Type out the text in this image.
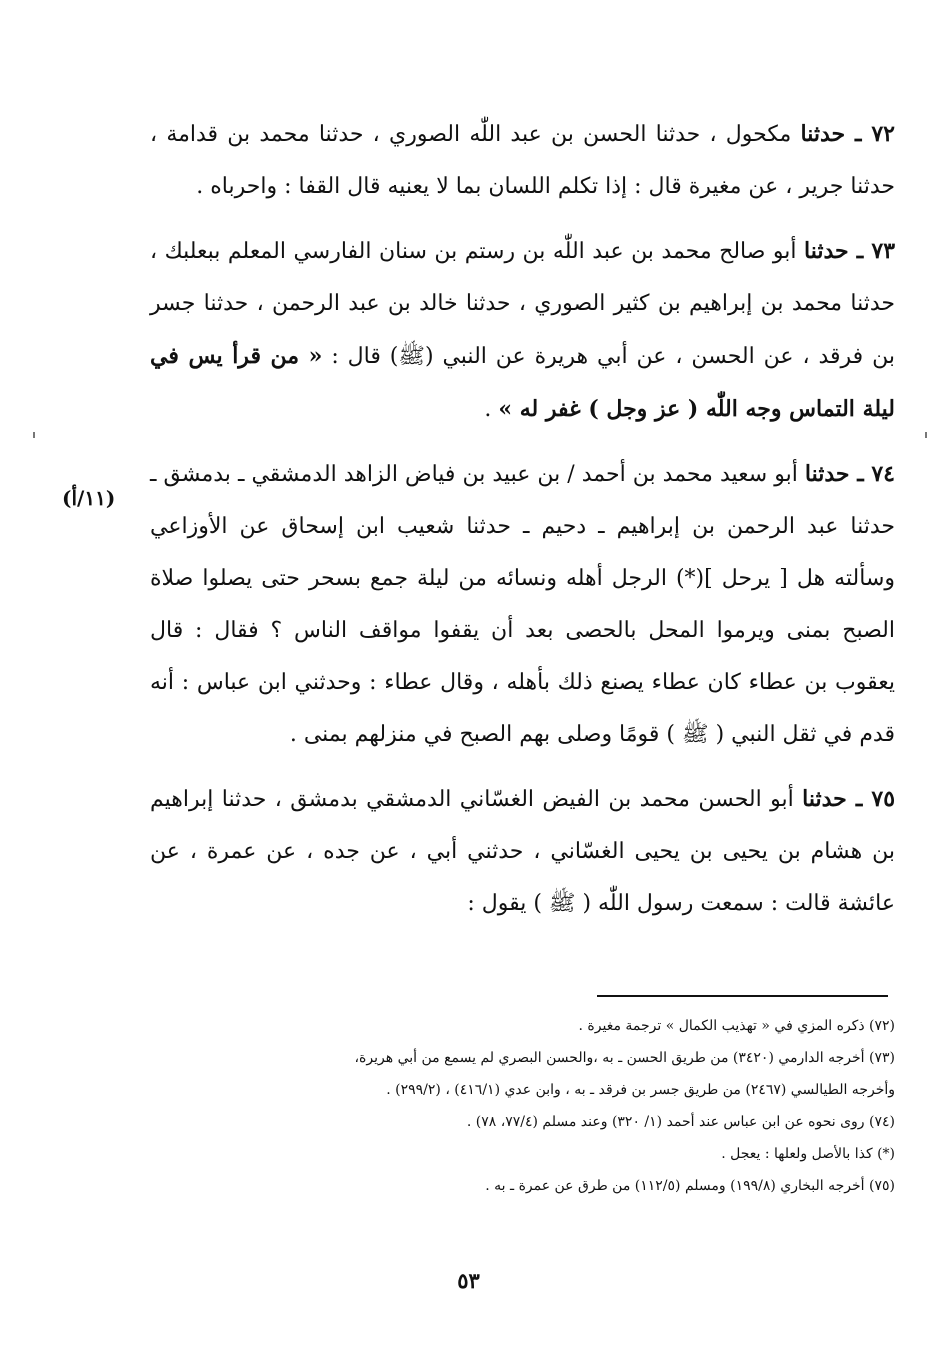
٧٢ ـ حدثنا مكحول ، حدثنا الحسن بن عبد اللّٰه الصوري ، حدثنا محمد بن قدامة ، حدثنا جرير ، عن مغيرة قال : إذا تكلم اللسان بما لا يعنيه قال القفا : واحرباه .

٧٣ ـ حدثنا أبو صالح محمد بن عبد اللّٰه بن رستم بن سنان الفارسي المعلم ببعلبك ، حدثنا محمد بن إبراهيم بن كثير الصوري ، حدثنا خالد بن عبد الرحمن ، حدثنا جسر بن فرقد ، عن الحسن ، عن أبي هريرة عن النبي (ﷺ) قال : « من قرأ يس في ليلة التماس وجه اللّٰه ( عز وجل ) غفر له » .

٧٤ ـ حدثنا أبو سعيد محمد بن أحمد / بن عبيد بن فياض الزاهد الدمشقي ـ بدمشق ـ حدثنا عبد الرحمن بن إبراهيم ـ دحيم ـ حدثنا شعيب ابن إسحاق عن الأوزاعي وسألته هل [ يرحل ](*) الرجل أهله ونسائه من ليلة جمع بسحر حتى يصلوا صلاة الصبح بمنى ويرموا المحل بالحصى بعد أن يقفوا مواقف الناس ؟ فقال : قال يعقوب بن عطاء كان عطاء يصنع ذلك بأهله ، وقال عطاء : وحدثني ابن عباس : أنه قدم في ثقل النبي ( ﷺ ) قومًا وصلى بهم الصبح في منزلهم بمنى .

٧٥ ـ حدثنا أبو الحسن محمد بن الفيض الغسّاني الدمشقي بدمشق ، حدثنا إبراهيم بن هشام بن يحيى بن يحيى الغسّاني ، حدثني أبي ، عن جده ، عن عمرة ، عن عائشة قالت : سمعت رسول اللّٰه ( ﷺ ) يقول :

(١١/أ)
(٧٢) ذكره المزي في « تهذيب الكمال » ترجمة مغيرة .
(٧٣) أخرجه الدارمي (٣٤٢٠) من طريق الحسن ـ به ،والحسن البصري لم يسمع من أبي هريرة،
وأخرجه الطيالسي (٢٤٦٧) من طريق جسر بن فرقد ـ به ، وابن عدي (٤١٦/١) ، (٢٩٩/٢) .
(٧٤) روى نحوه عن ابن عباس عند أحمد (١/ ٣٢٠) وعند مسلم (٧٧/٤، ٧٨) .
(*) كذا بالأصل ولعلها : يعجل .
(٧٥) أخرجه البخاري (١٩٩/٨) ومسلم (١١٢/٥) من طرق عن عمرة ـ به .
٥٣
